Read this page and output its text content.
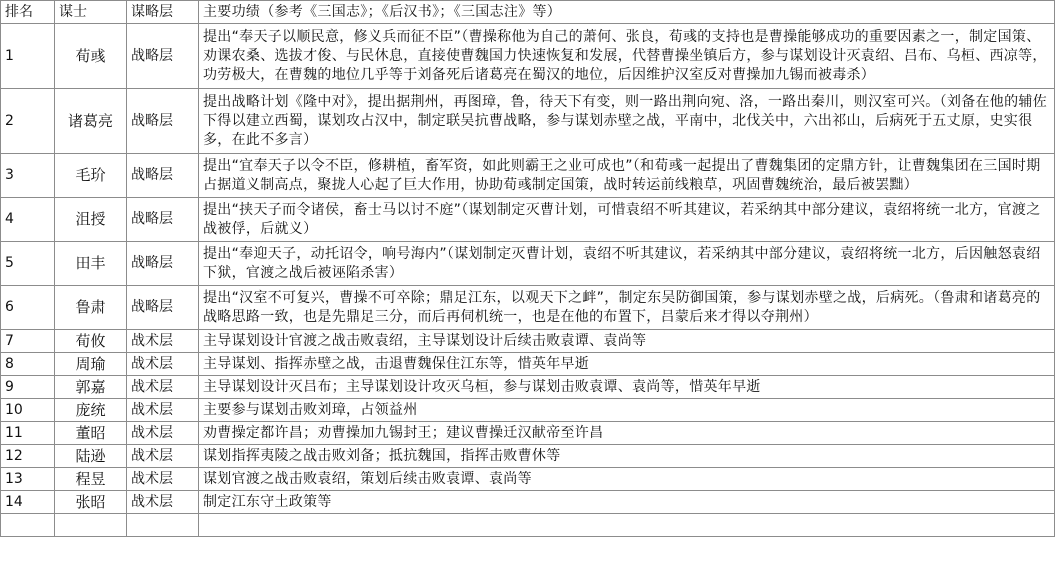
排名	谋士	谋略层	主要功绩（参考《三国志》；《后汉书》；《三国志注》等）
1	荀彧	战略层	提出“奉天子以顺民意，修义兵而征不臣”（曹操称他为自己的萧何、张良，荀彧的支持也是曹操能够成功的重要因素之一，制定国策、劝课农桑、选拔才俊、与民休息，直接使曹魏国力快速恢复和发展，代替曹操坐镇后方，参与谋划设计灭袁绍、吕布、乌桓、西凉等，功劳极大，在曹魏的地位几乎等于刘备死后诸葛亮在蜀汉的地位，后因维护汉室反对曹操加九锡而被毒杀）
2	诸葛亮	战略层	提出战略计划《隆中对》，提出据荆州，再图璋，鲁，待天下有变，则一路出荆向宛、洛，一路出秦川，则汉室可兴。（刘备在他的辅佐下得以建立西蜀，谋划攻占汉中，制定联吴抗曹战略，参与谋划赤壁之战，平南中，北伐关中，六出祁山，后病死于五丈原，史实很多，在此不多言）
3	毛玠	战略层	提出“宜奉天子以令不臣，修耕植，畜军资，如此则霸王之业可成也”（和荀彧一起提出了曹魏集团的定鼎方针，让曹魏集团在三国时期占据道义制高点，聚拢人心起了巨大作用，协助荀彧制定国策，战时转运前线粮草，巩固曹魏统治，最后被罢黜）
4	沮授	战略层	提出“挟天子而令诸侯，畜士马以讨不庭”（谋划制定灭曹计划，可惜袁绍不听其建议，若采纳其中部分建议，袁绍将统一北方，官渡之战被俘，后就义）
5	田丰	战略层	提出“奉迎天子，动托诏令，响号海内”（谋划制定灭曹计划，袁绍不听其建议，若采纳其中部分建议，袁绍将统一北方，后因触怒袁绍下狱，官渡之战后被诬陷杀害）
6	鲁肃	战略层	提出“汉室不可复兴，曹操不可卒除；鼎足江东，以观天下之衅”，制定东吴防御国策，参与谋划赤壁之战，后病死。（鲁肃和诸葛亮的战略思路一致，也是先鼎足三分，而后再伺机统一，也是在他的布置下，吕蒙后来才得以夺荆州）
7	荀攸	战术层	主导谋划设计官渡之战击败袁绍，主导谋划设计后续击败袁谭、袁尚等
8	周瑜	战术层	主导谋划、指挥赤壁之战，击退曹魏保住江东等，惜英年早逝
9	郭嘉	战术层	主导谋划设计灭吕布；主导谋划设计攻灭乌桓，参与谋划击败袁谭、袁尚等，惜英年早逝
10	庞统	战术层	主要参与谋划击败刘璋，占领益州
11	董昭	战术层	劝曹操定都许昌；劝曹操加九锡封王；建议曹操迁汉献帝至许昌
12	陆逊	战术层	谋划指挥夷陵之战击败刘备；抵抗魏国，指挥击败曹休等
13	程昱	战术层	谋划官渡之战击败袁绍，策划后续击败袁谭、袁尚等
14	张昭	战术层	制定江东守土政策等
